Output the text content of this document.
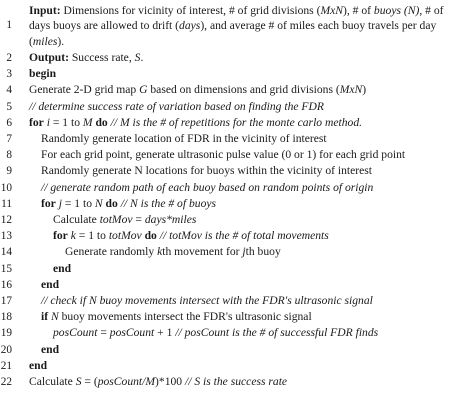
1
Input: Dimensions for vicinity of interest, # of grid divisions (MxN), # of buoys (N), # of days buoys are allowed to drift (days), and average # of miles each buoy travels per day (miles).
2 Output: Success rate, S.
3 begin
4 Generate 2-D grid map G based on dimensions and grid divisions (MxN)
5 // determine success rate of variation based on finding the FDR
6 for i = 1 to M do // M is the # of repetitions for the monte carlo method.
7	Randomly generate location of FDR in the vicinity of interest
8	For each grid point, generate ultrasonic pulse value (0 or 1) for each grid point
9	Randomly generate N locations for buoys within the vicinity of interest
10	// generate random path of each buoy based on random points of origin
11	for j = 1 to N do // N is the # of buoys
12	Calculate totMov = days*miles
13	for k = 1 to totMov do // totMov is the # of total movements
14	Generate randomly kth movement for jth buoy
15	end
16	end
17	// check if N buoy movements intersect with the FDR's ultrasonic signal
18	if N buoy movements intersect the FDR's ultrasonic signal
19	posCount = posCount + 1 // posCount is the # of successful FDR finds
20	end
21 end
22 Calculate S = (posCount/M)*100 // S is the success rate
